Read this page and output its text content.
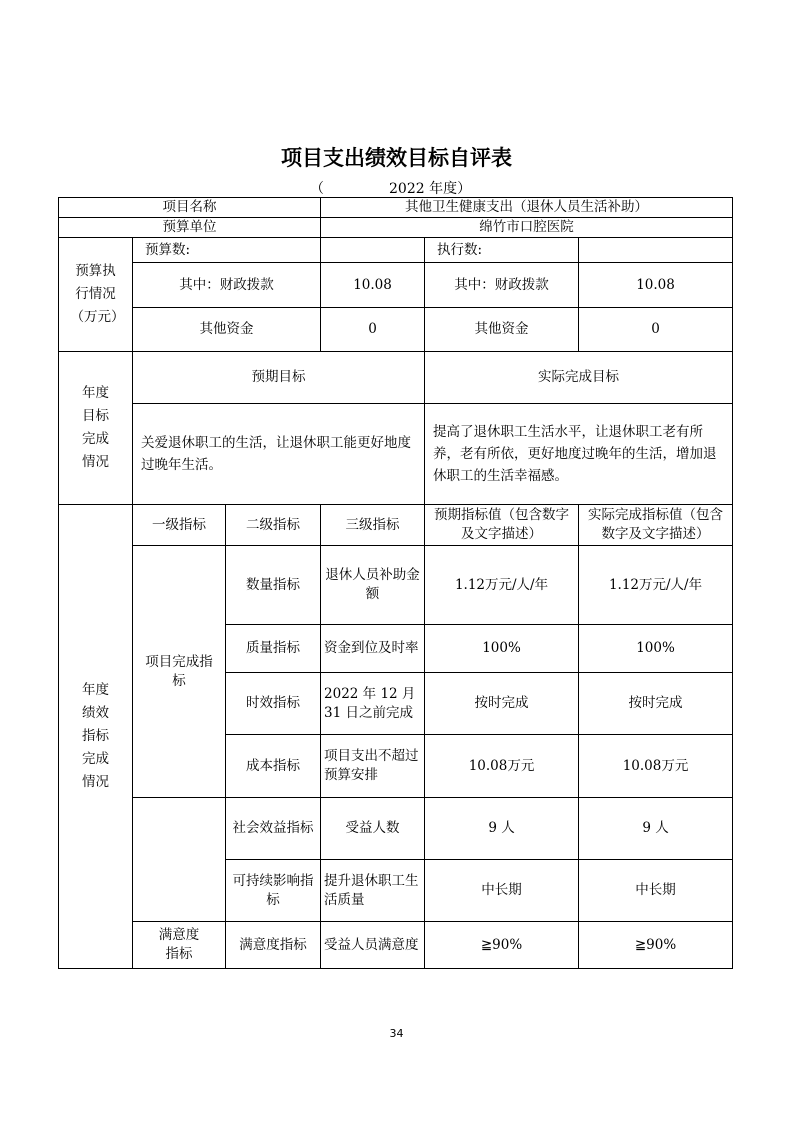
项目支出绩效目标自评表
（	2022 年度）
项目名称			其他卫生健康支出（退休人员生活补助）		
预算单位			绵竹市口腔医院		
预算执行情况（万元）	预算数:			执行数:	
	其中：财政拨款		10.08	其中：财政拨款	10.08
	其他资金		0	其他资金	0
年度目标完成情况	预期目标			实际完成目标	
	关爱退休职工的生活，让退休职工能更好地度过晚年生活。			提高了退休职工生活水平，让退休职工老有所养，老有所依，更好地度过晚年的生活，增加退休职工的生活幸福感。	
年度绩效指标完成情况	一级指标	二级指标	三级指标	预期指标值（包含数字及文字描述）	实际完成指标值（包含数字及文字描述）
	项目完成指标	数量指标	退休人员补助金额	1.12万元/人/年	1.12万元/人/年
		质量指标	资金到位及时率	100%	100%
		时效指标	2022 年 12 月 31 日之前完成	按时完成	按时完成
		成本指标	项目支出不超过预算安排	10.08万元	10.08万元
		社会效益指标	受益人数	9 人	9 人
		可持续影响指标	提升退休职工生活质量	中长期	中长期
	满意度指标	满意度指标	受益人员满意度	≧90%	≧90%
34
